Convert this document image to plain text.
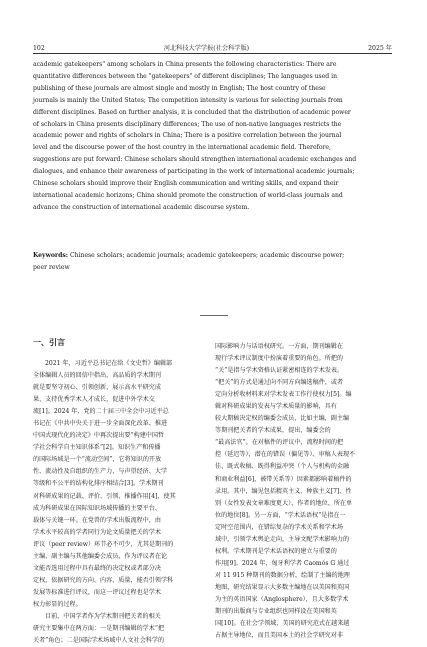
102	河北科技大学学报(社会科学版)	2025 年
academic gatekeepers" among scholars in China presents the following characteristics: There are
quantitative differences between the "gatekeepers" of different disciplines; The languages used in
publishing of these journals are almost single and mostly in English; The host country of these
journals is mainly the United States; The competition intensity is various for selecting journals from
different disciplines. Based on further analysis, it is concluded that the distribution of academic power
of scholars in China presents disciplinary differences; The use of non-native languages restricts the
academic power and rights of scholars in China; There is a positive correlation between the journal
level and the discourse power of the host country in the international academic field. Therefore,
suggestions are put forward: Chinese scholars should strengthen international academic exchanges and
dialogues, and enhance their awareness of participating in the work of international academic journals;
Chinese scholars should improve their English communication and writing skills, and expand their
international academic horizons; China should promote the construction of world-class journals and
advance the construction of international academic discourse system.
Keywords: Chinese scholars; academic journals; academic gatekeepers; academic discourse power;
peer review
一、引言
2021 年，习近平总书记在给《文史哲》编辑部
全体编辑人员的回信中指出，高品质的学术期刊
就是要坚守初心、引领创新，展示高水平研究成
果，支持优秀学术人才成长，促进中外学术交
流[1]。2024 年，党的二十届三中全会中习近平总
书记在《中共中央关于进一步全面深化改革、推进
中国式现代化的决定》中再次提出要“构建中国哲
学社会科学自主知识体系”[2]。知识生产和传播
的国际场域是一个“流动空间”，它将知识的开放
性、流动性及自组织的生产力，与声望经济、大学
等级和不公平的结构化排序相结合[3]。学术期刊
对科研成果的记载、评价、引领、推播作用[4]，使其
成为科研成果在国际知识场域传播的主要平台、
载体与关键一环。在党兽的学术出版流程中，由
学术水平较高的学者同行为论文质量把关的学术
评议（peer review）环节必不可少，尤其是期刊的
主编、副主编与其他编委会成员，作为评议者在论
文能否选用过程中具有最终的决定权或者部分决
定权，依据研究的方向、内容、质量，能否引领学科
发展等标准进行评议，而这一评议过程也是学术
权力彰显的过程。
目前，中国学者作为学术期刊把关者的相关
研究主要集中在两方面：一是期刊编辑的学术“把
关者”角色；二是国际学术场域中人文社会科学的
国际影响力与话语权研究。一方面，期刊编辑在
现行学术评议制度中扮演着重要的角色。所把的
“关”是指与学术资格认证紧密相连的学术发表。
“把关”的方式是通过向不同方向编选稿件，或者
定向分析收材料来对学术发表工作行使权力[5]。编
辑对科研成果的发表与学术质量的影响，具有
较大期稿决定权的编委会成员，比如主编，副主编
等期刊把关者的学术成果，提出，编委会的
“最高法官”。在对稿件的评议中，流程时间的把
控（延迟等），潜在的错误（偏见等）、审稿人表现不
佳、既式收稿、既得利益冲突（个人与机构的金融
和商业利益[6]，被带关系等）因素都影响着稿件的
录用。其中，编见包括精英主义、种族主义[7]、性
别（女性发表文章难度更大）、作者的地位、所在单
位的地位[8]。另一方面，“学术话语权”是指在一
定时空范围内，在错综复杂的学术关系和学术场
域中，引领学术舆论走向，主导文配学术影响力的
权利。学术期刊是学术话语权的建立与重要的
作用[9]。2024 年，匈牙利学者 Caomós G 通过
对 11 915 种期刊的数据分析，绘制了主编的地理
地图，研究结果显示大多数主编地在以美国和英国
为主的英语国家（Anglosphere），且大多数学术
期刊的出版商与专业组织也同样设在美国和英
国[10]。在社会学领域，美国的研究范式在越来越
占据主导地位，而且美国本土的社会学研究对非
